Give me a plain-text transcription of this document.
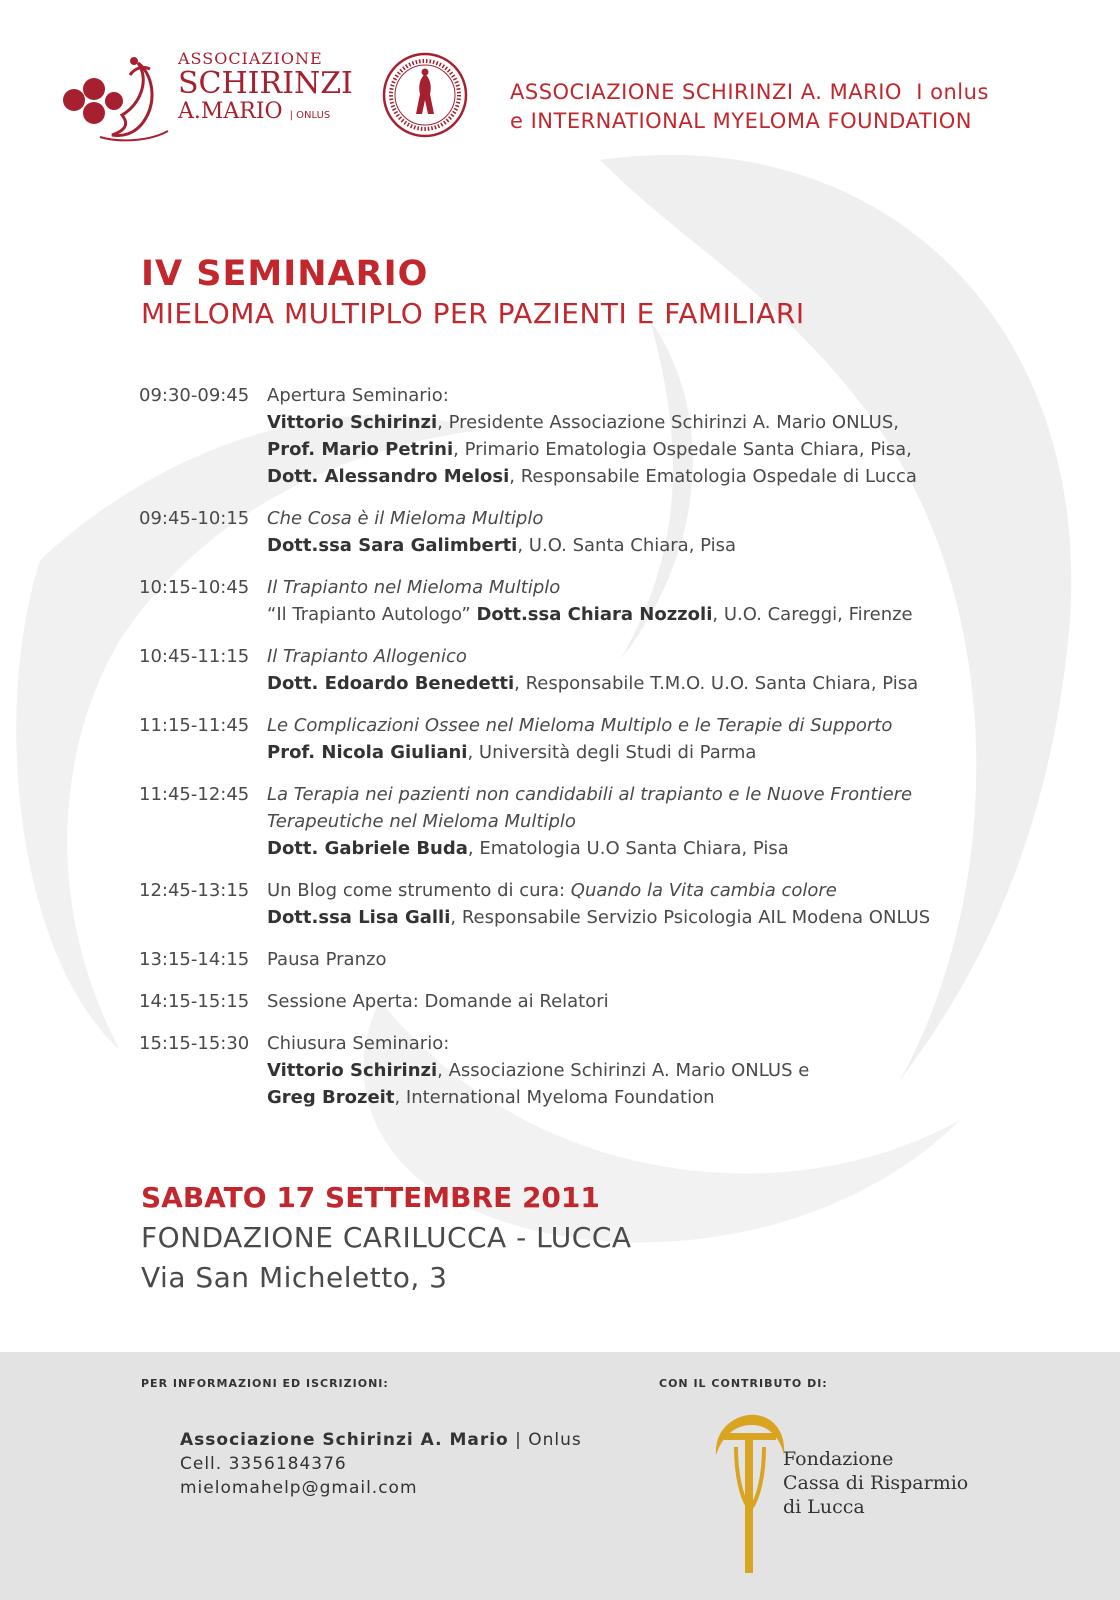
ASSOCIAZIONE
SCHIRINZI
A.MARIO | ONLUS
ASSOCIAZIONE SCHIRINZI A. MARIO I onlus
e INTERNATIONAL MYELOMA FOUNDATION
IV SEMINARIO
MIELOMA MULTIPLO PER PAZIENTI E FAMILIARI
09:30-09:45 Apertura Seminario:
Vittorio Schirinzi, Presidente Associazione Schirinzi A. Mario ONLUS,
Prof. Mario Petrini, Primario Ematologia Ospedale Santa Chiara, Pisa,
Dott. Alessandro Melosi, Responsabile Ematologia Ospedale di Lucca
09:45-10:15 Che Cosa è il Mieloma Multiplo
Dott.ssa Sara Galimberti, U.O. Santa Chiara, Pisa
10:15-10:45 Il Trapianto nel Mieloma Multiplo
“Il Trapianto Autologo” Dott.ssa Chiara Nozzoli, U.O. Careggi, Firenze
10:45-11:15 Il Trapianto Allogenico
Dott. Edoardo Benedetti, Responsabile T.M.O. U.O. Santa Chiara, Pisa
11:15-11:45 Le Complicazioni Ossee nel Mieloma Multiplo e le Terapie di Supporto
Prof. Nicola Giuliani, Università degli Studi di Parma
11:45-12:45 La Terapia nei pazienti non candidabili al trapianto e le Nuove Frontiere
Terapeutiche nel Mieloma Multiplo
Dott. Gabriele Buda, Ematologia U.O Santa Chiara, Pisa
12:45-13:15 Un Blog come strumento di cura: Quando la Vita cambia colore
Dott.ssa Lisa Galli, Responsabile Servizio Psicologia AIL Modena ONLUS
13:15-14:15 Pausa Pranzo
14:15-15:15 Sessione Aperta: Domande ai Relatori
15:15-15:30 Chiusura Seminario:
Vittorio Schirinzi, Associazione Schirinzi A. Mario ONLUS e
Greg Brozeit, International Myeloma Foundation
SABATO 17 SETTEMBRE 2011
FONDAZIONE CARILUCCA - LUCCA
Via San Micheletto, 3
PER INFORMAZIONI ED ISCRIZIONI:	CON IL CONTRIBUTO DI:
Associazione Schirinzi A. Mario | Onlus
Cell. 3356184376
mielomahelp@gmail.com
Fondazione
Cassa di Risparmio
di Lucca
